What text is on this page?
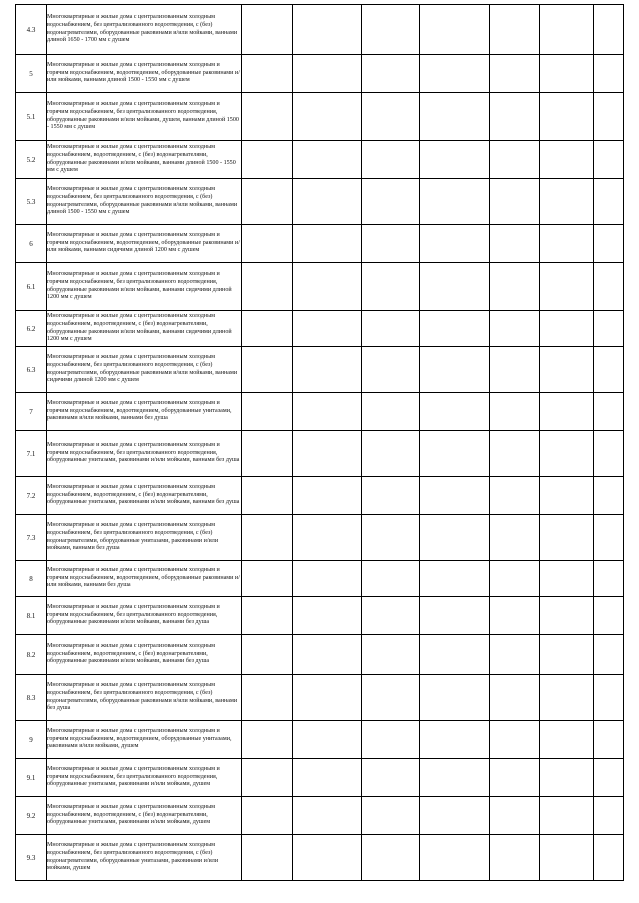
4.3	Многоквартирные и жилые дома с централизованным холодным водоснабжением, без централизованного водоотведения, с (без) водонагревателями, оборудованные раковинами и/или мойками, ваннами длиной 1650 - 1700 мм с душем							

5	Многоквартирные и жилые дома с централизованным холодным и горячим водоснабжением, водоотведением, оборудованные раковинами и/или мойками, ваннами длиной 1500 - 1550 мм с душем							

5.1	Многоквартирные и жилые дома с централизованным холодным и горячим водоснабжением, без централизованного водоотведения, оборудованные раковинами и/или мойками, душем, ваннами длиной 1500 - 1550 мм с душем							

5.2	Многоквартирные и жилые дома с централизованным холодным водоснабжением, водоотведением, с (без) водонагревателями, оборудованные раковинами и/или мойками, ваннами длиной 1500 - 1550 мм с душем							

5.3	Многоквартирные и жилые дома с централизованным холодным водоснабжением, без централизованного водоотведения, с (без) водонагревателями, оборудованные раковинами и/или мойками, ваннами длиной 1500 - 1550 мм с душем							

6	Многоквартирные и жилые дома с централизованным холодным и горячим водоснабжением, водоотведением, оборудованные раковинами и/или мойками, ваннами сидячими длиной 1200 мм с душем							

6.1	Многоквартирные и жилые дома с централизованным холодным и горячим водоснабжением, без централизованного водоотведения, оборудованные раковинами и/или мойками, ваннами сидячими длиной 1200 мм с душем							

6.2	Многоквартирные и жилые дома с централизованным холодным водоснабжением, водоотведением, с (без) водонагревателями, оборудованные раковинами и/или мойками, ваннами сидячими длиной 1200 мм с душем							

6.3	Многоквартирные и жилые дома с централизованным холодным водоснабжением, без централизованного водоотведения, с (без) водонагревателями, оборудованные раковинами и/или мойками, ваннами сидячими длиной 1200 мм с душем							

7	Многоквартирные и жилые дома с централизованным холодным и горячим водоснабжением, водоотведением, оборудованные унитазами, раковинами и/или мойками, ваннами без душа							

7.1	Многоквартирные и жилые дома с централизованным холодным и горячим водоснабжением, без централизованного водоотведения, оборудованные унитазами, раковинами и/или мойками, ваннами без душа							

7.2	Многоквартирные и жилые дома с централизованным холодным водоснабжением, водоотведением, с (без) водонагревателями, оборудованные унитазами, раковинами и/или мойками, ваннами без душа							

7.3	Многоквартирные и жилые дома с централизованным холодным водоснабжением, без централизованного водоотведения, с (без) водонагревателями, оборудованные унитазами, раковинами и/или мойками, ваннами без душа							

8	Многоквартирные и жилые дома с централизованным холодным и горячим водоснабжением, водоотведением, оборудованные раковинами и/или мойками, ваннами без душа							

8.1	Многоквартирные и жилые дома с централизованным холодным и горячим водоснабжением, без централизованного водоотведения, оборудованные раковинами и/или мойками, ваннами без душа							

8.2	Многоквартирные и жилые дома с централизованным холодным водоснабжением, водоотведением, с (без) водонагревателями, оборудованные раковинами и/или мойками, ваннами без душа							

8.3	Многоквартирные и жилые дома с централизованным холодным водоснабжением, без централизованного водоотведения, с (без) водонагревателями, оборудованные раковинами и/или мойками, ваннами без душа							

9	Многоквартирные и жилые дома с централизованным холодным и горячим водоснабжением, водоотведением, оборудованные унитазами, раковинами и/или мойками, душем							

9.1	Многоквартирные и жилые дома с централизованным холодным и горячим водоснабжением, без централизованного водоотведения, оборудованные унитазами, раковинами и/или мойками, душем							

9.2	Многоквартирные и жилые дома с централизованным холодным водоснабжением, водоотведением, с (без) водонагревателями, оборудованные унитазами, раковинами и/или мойками, душем							

9.3	Многоквартирные и жилые дома с централизованным холодным водоснабжением, без централизованного водоотведения, с (без) водонагревателями, оборудованные унитазами, раковинами и/или мойками, душем							
